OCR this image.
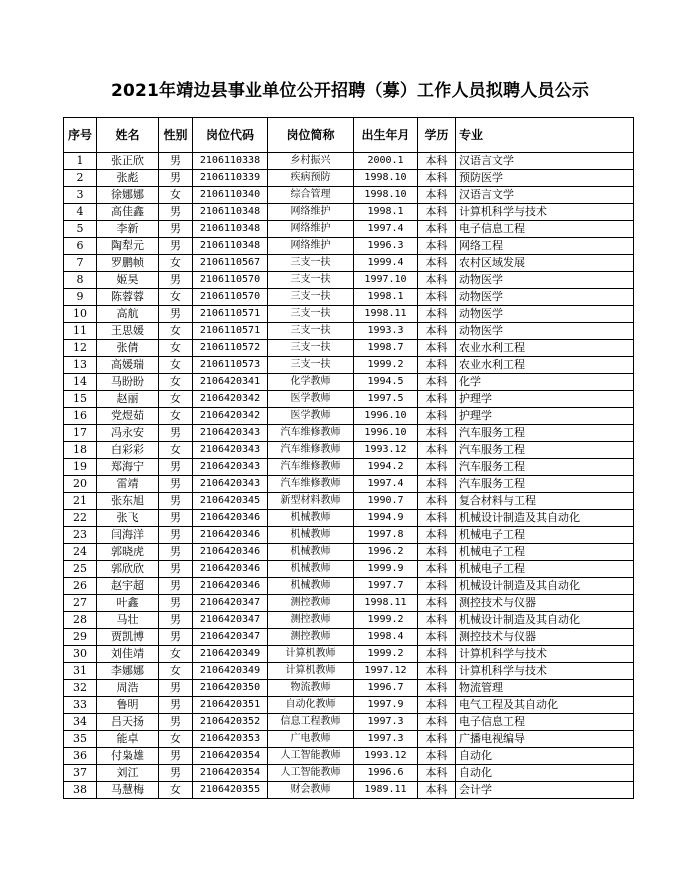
2021年靖边县事业单位公开招聘（募）工作人员拟聘人员公示
序号	姓名	性别	岗位代码	岗位简称	出生年月	学历	专业
1	张正欣	男	2106110338	乡村振兴	2000.1	本科	汉语言文学
2	张彪	男	2106110339	疾病预防	1998.10	本科	预防医学
3	徐娜娜	女	2106110340	综合管理	1998.10	本科	汉语言文学
4	高佳鑫	男	2106110348	网络维护	1998.1	本科	计算机科学与技术
5	李新	男	2106110348	网络维护	1997.4	本科	电子信息工程
6	陶犁元	男	2106110348	网络维护	1996.3	本科	网络工程
7	罗鹏帧	女	2106110567	三支一扶	1999.4	本科	农村区域发展
8	姬昊	男	2106110570	三支一扶	1997.10	本科	动物医学
9	陈蓉蓉	女	2106110570	三支一扶	1998.1	本科	动物医学
10	高航	男	2106110571	三支一扶	1998.11	本科	动物医学
11	王思媛	女	2106110571	三支一扶	1993.3	本科	动物医学
12	张倩	女	2106110572	三支一扶	1998.7	本科	农业水利工程
13	高媛瑞	女	2106110573	三支一扶	1999.2	本科	农业水利工程
14	马盼盼	女	2106420341	化学教师	1994.5	本科	化学
15	赵丽	女	2106420342	医学教师	1997.5	本科	护理学
16	党煜茹	女	2106420342	医学教师	1996.10	本科	护理学
17	冯永安	男	2106420343	汽车维修教师	1996.10	本科	汽车服务工程
18	白彩彩	女	2106420343	汽车维修教师	1993.12	本科	汽车服务工程
19	郑海宁	男	2106420343	汽车维修教师	1994.2	本科	汽车服务工程
20	雷靖	男	2106420343	汽车维修教师	1997.4	本科	汽车服务工程
21	张东旭	男	2106420345	新型材料教师	1990.7	本科	复合材料与工程
22	张飞	男	2106420346	机械教师	1994.9	本科	机械设计制造及其自动化
23	闫海洋	男	2106420346	机械教师	1997.8	本科	机械电子工程
24	郭晓虎	男	2106420346	机械教师	1996.2	本科	机械电子工程
25	郭欣欣	男	2106420346	机械教师	1999.9	本科	机械电子工程
26	赵宇超	男	2106420346	机械教师	1997.7	本科	机械设计制造及其自动化
27	叶鑫	男	2106420347	测控教师	1998.11	本科	测控技术与仪器
28	马壮	男	2106420347	测控教师	1999.2	本科	机械设计制造及其自动化
29	贾凯博	男	2106420347	测控教师	1998.4	本科	测控技术与仪器
30	刘佳靖	女	2106420349	计算机教师	1999.2	本科	计算机科学与技术
31	李娜娜	女	2106420349	计算机教师	1997.12	本科	计算机科学与技术
32	周浩	男	2106420350	物流教师	1996.7	本科	物流管理
33	鲁明	男	2106420351	自动化教师	1997.9	本科	电气工程及其自动化
34	吕天扬	男	2106420352	信息工程教师	1997.3	本科	电子信息工程
35	能卓	女	2106420353	广电教师	1997.3	本科	广播电视编导
36	付枭雄	男	2106420354	人工智能教师	1993.12	本科	自动化
37	刘江	男	2106420354	人工智能教师	1996.6	本科	自动化
38	马慧梅	女	2106420355	财会教师	1989.11	本科	会计学
